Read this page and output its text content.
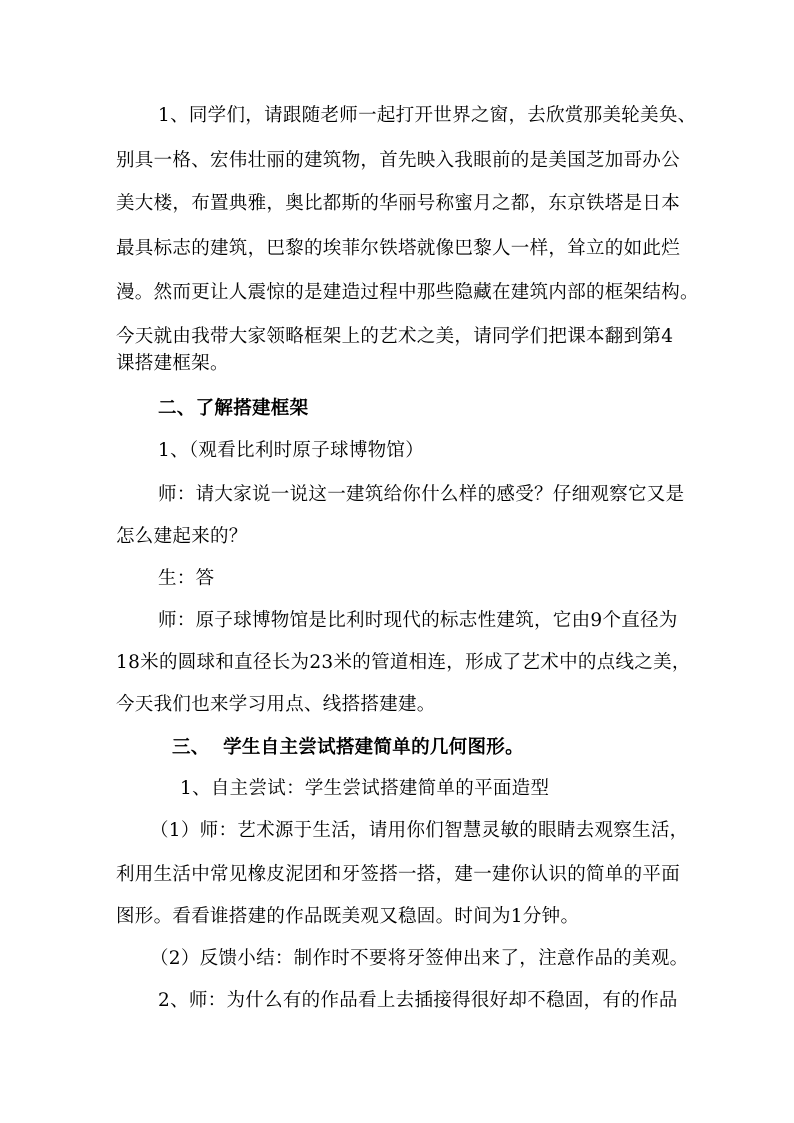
1、同学们，请跟随老师一起打开世界之窗，去欣赏那美轮美奂、
别具一格、宏伟壮丽的建筑物，首先映入我眼前的是美国芝加哥办公
美大楼，布置典雅，奥比都斯的华丽号称蜜月之都，东京铁塔是日本
最具标志的建筑，巴黎的埃菲尔铁塔就像巴黎人一样，耸立的如此烂
漫。然而更让人震惊的是建造过程中那些隐藏在建筑内部的框架结构。
今天就由我带大家领略框架上的艺术之美，请同学们把课本翻到第4
课搭建框架。
二、了解搭建框架
1、（观看比利时原子球博物馆）
师：请大家说一说这一建筑给你什么样的感受？仔细观察它又是
怎么建起来的？
生：答
师：原子球博物馆是比利时现代的标志性建筑，它由9个直径为
18米的圆球和直径长为23米的管道相连，形成了艺术中的点线之美，
今天我们也来学习用点、线搭搭建建。
三、  学生自主尝试搭建简单的几何图形。
1、自主尝试：学生尝试搭建简单的平面造型
（1）师：艺术源于生活，请用你们智慧灵敏的眼睛去观察生活，
利用生活中常见橡皮泥团和牙签搭一搭，建一建你认识的简单的平面
图形。看看谁搭建的作品既美观又稳固。时间为1分钟。
（2）反馈小结：制作时不要将牙签伸出来了，注意作品的美观。
2、师：为什么有的作品看上去插接得很好却不稳固，有的作品
